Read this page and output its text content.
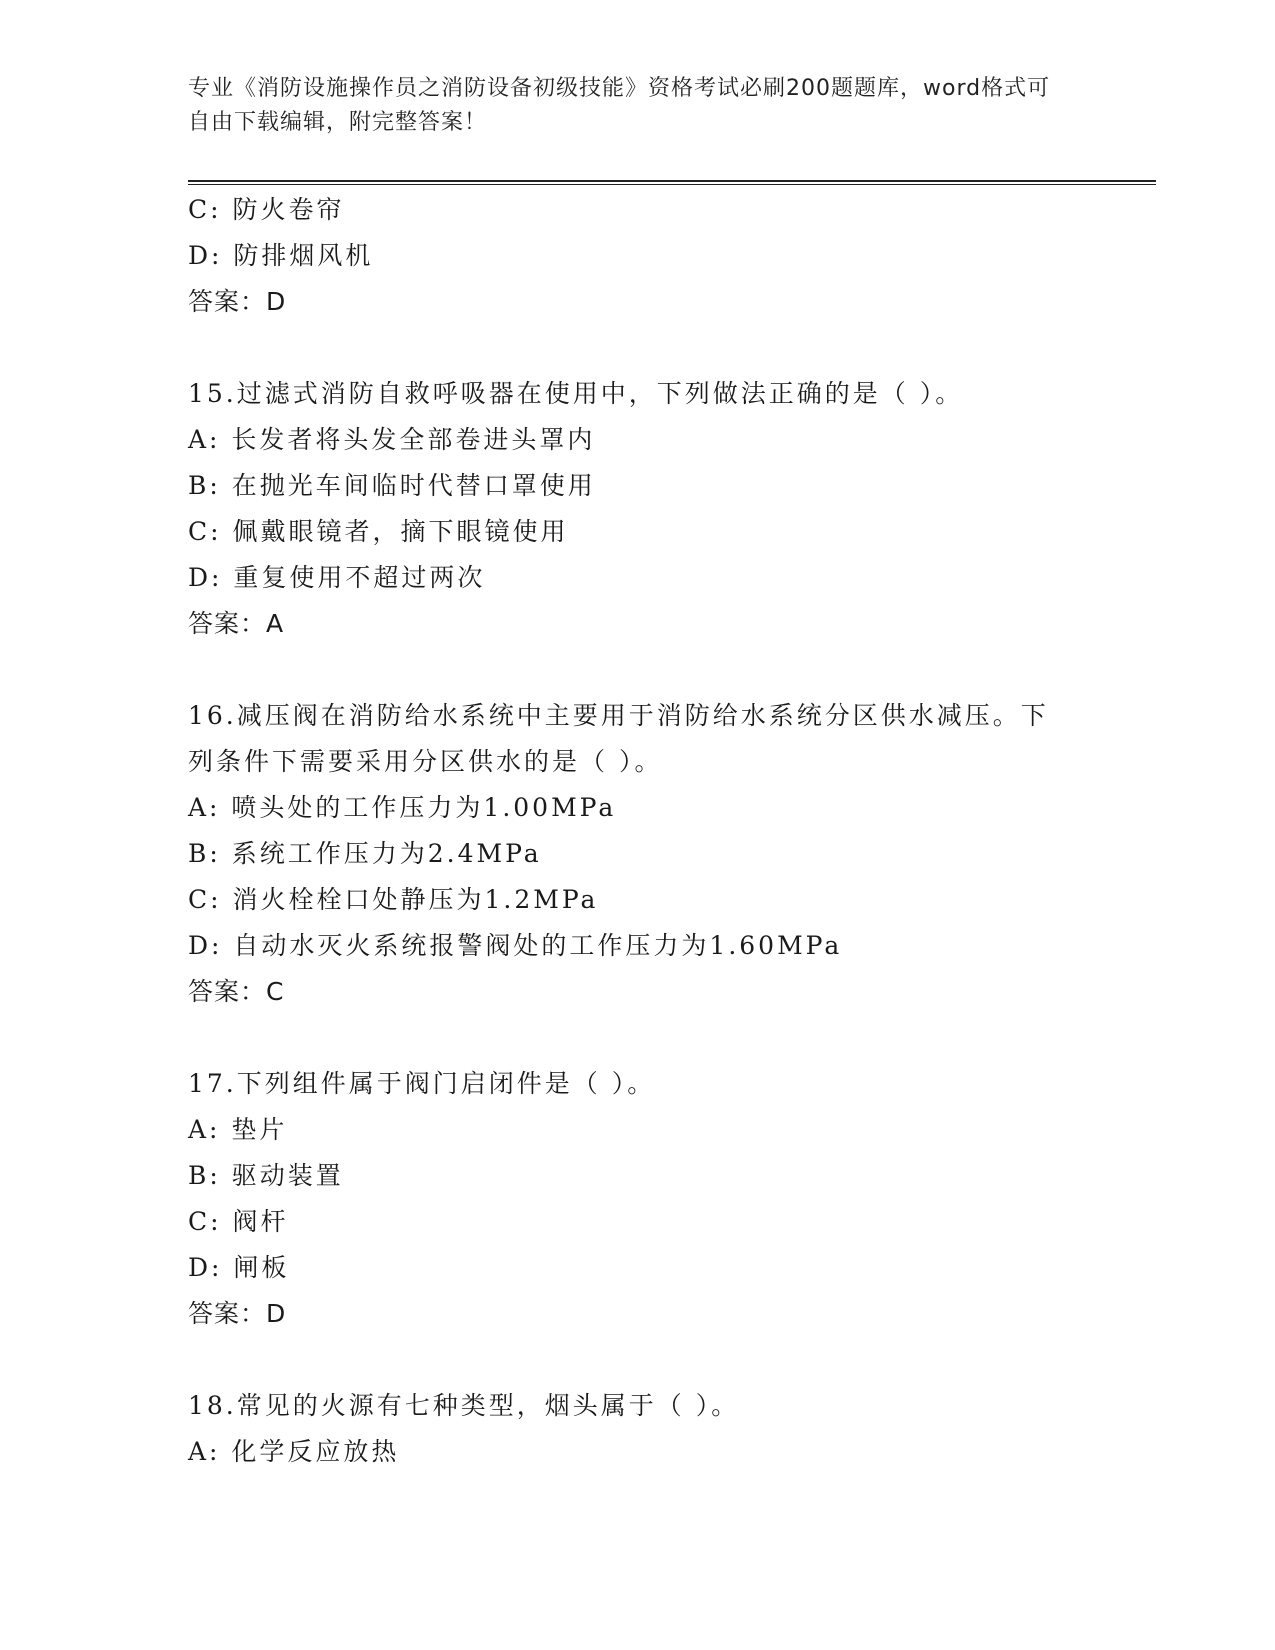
专业《消防设施操作员之消防设备初级技能》资格考试必刷200题题库，word格式可自由下载编辑，附完整答案！
C: 防火卷帘
D: 防排烟风机
答案：D
15.过滤式消防自救呼吸器在使用中，下列做法正确的是（ ）。
A: 长发者将头发全部卷进头罩内
B: 在抛光车间临时代替口罩使用
C: 佩戴眼镜者，摘下眼镜使用
D: 重复使用不超过两次
答案：A
16.减压阀在消防给水系统中主要用于消防给水系统分区供水减压。下
列条件下需要采用分区供水的是（ ）。
A: 喷头处的工作压力为1.00MPa
B: 系统工作压力为2.4MPa
C: 消火栓栓口处静压为1.2MPa
D: 自动水灭火系统报警阀处的工作压力为1.60MPa
答案：C
17.下列组件属于阀门启闭件是（ ）。
A: 垫片
B: 驱动装置
C: 阀杆
D: 闸板
答案：D
18.常见的火源有七种类型，烟头属于（ ）。
A: 化学反应放热
